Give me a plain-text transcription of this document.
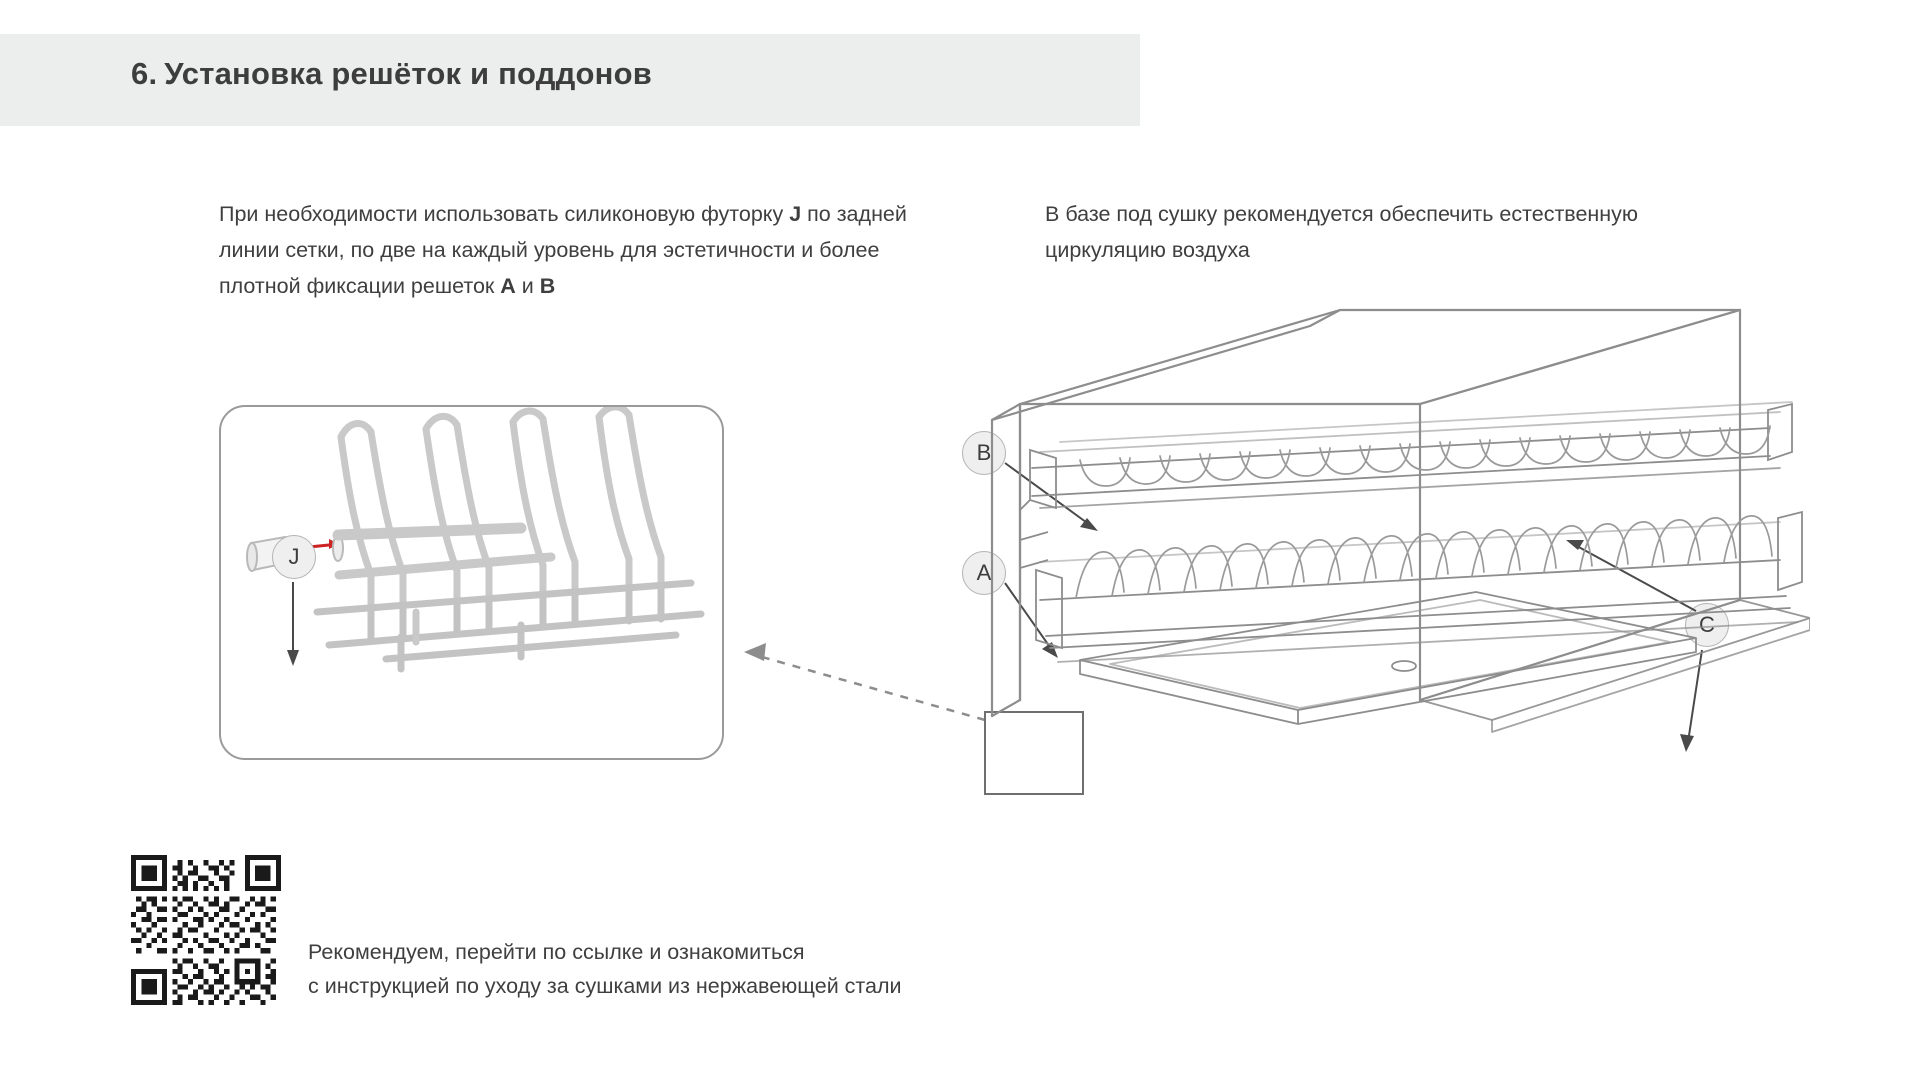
6. Установка решёток и поддонов
При необходимости использовать силиконовую футорку J по задней линии сетки, по две на каждый уровень для эстетичности и более плотной фиксации решеток A и B
В базе под сушку рекомендуется обеспечить естественную циркуляцию воздуха
J
B
A
C
Рекомендуем, перейти по ссылке и ознакомиться
с инструкцией по уходу за сушками из нержавеющей стали
